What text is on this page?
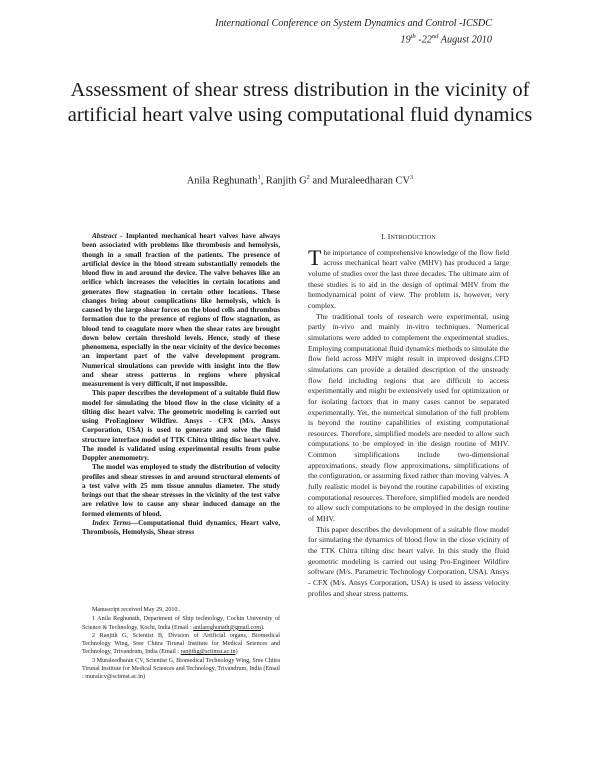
International Conference on System Dynamics and Control -ICSDC
19th -22nd August 2010
Assessment of shear stress distribution in the vicinity of artificial heart valve using computational fluid dynamics
Anila Reghunath$^1$, Ranjith $G^2$ and Muraleedharan $CV^3$

Abstract - Implanted mechanical heart valves have always been associated with problems like thrombosis and hemolysis, though in a small fraction of the patients. The presence of artificial device in the blood stream substantially remodels the blood flow in and around the device. The valve behaves like an orifice which increases the velocities in certain locations and generates flow stagnation in certain other locations. These changes bring about complications like hemolysis, which is caused by the large shear forces on the blood cells and thrombus formation due to the presence of regions of flow stagnation, as blood tend to coagulate more when the shear rates are brought down below certain threshold levels. Hence, study of these phenomena, especially in the near vicinity of the device becomes an important part of the valve development program. Numerical simulations can provide with insight into the flow and shear stress patterns in regions where physical measurement is very difficult, if not impossible.

This paper describes the development of a suitable fluid flow model for simulating the blood flow in the close vicinity of a tilting disc heart valve. The geometric modeling is carried out using ProEngineer Wildfire. Ansys - CFX (M/s. Ansys Corporation, USA) is used to generate and solve the fluid structure interface model of TTK Chitra tilting disc heart valve. The model is validated using experimental results from pulse Doppler anemometry.

The model was employed to study the distribution of velocity profiles and shear stresses in and around structural elements of a test valve with 25 mm tissue annulus diameter. The study brings out that the shear stresses in the vicinity of the test valve are relative low to cause any shear induced damage on the formed elements of blood.

Index Terms—Computational fluid dynamics, Heart valve, Thrombosis, Hemolysis, Shear stress

Manuscript received May 29, 2010..

1 Anila Reghunath, Department of Ship technology, Cochin University of Science & Technology, Kochi, India (Email : anilareghunath@gmail.com).

2 Ranjith G, Scientist B, Division of Artificial organs, Biomedical Technology Wing, Sree Chitra Tirunal Institute for Medical Seiences and Technology, Trivandrum, India (Email : ranjithg@sctimst.ac.in)

3 Muraleedharan CV, Scientist G, Biomedical Technology Wing, Sree Chitra Tirunal Institute for Medical Sciences and Technology, Trivandrum, India (Email : muralicv@sctimst.ac.in)

I. INTRODUCTION

The importance of comprehensive knowledge of the flow field across mechanical heart valve (MHV) has produced a large volume of studies over the last three decades. The ultimate aim of these studies is to aid in the design of optimal MHV from the hemodynamical point of view. The problem is, however, very complex.

The traditional tools of research were experimental, using partly in-vivo and mainly in-vitro techniques. Numerical simulations were added to complement the experimental studies. Employing computational fluid dynamics methods to simulate the flow field across MHV might result in improved designs.CFD simulations can provide a detailed description of the unsteady flow field including regions that are difficult to access experimentally and might be extensively used for optimization or for isolating factors that in many cases cannot be separated experimentally. Yet, the numerical simulation of the full problem is beyond the routine capabilities of existing computational resources. Therefore, simplified models are needed to allow such computations to be employed in the design routine of MHV. Common simplifications include two-dimensional approximations, steady flow approximations, simplifications of the configuration, or assuming fixed rather than moving valves. A fully realistic model is beyond the routine capabilities of existing computational resources. Therefore, simplified models are needed to allow such computations to be employed in the design routine of MHV.

This paper describes the development of a suitable flow model for simulating the dynamics of blood flow in the close vicinity of the TTK Chitra tilting disc heart valve. In this study the fluid geometric modeling is carried out using Pro-Engineer Wildfire software (M/s. Parametric Technology Corporation, USA). Ansys - CFX (M/s. Ansys Corporation, USA) is used to assess velocity profiles and shear stress patterns.
